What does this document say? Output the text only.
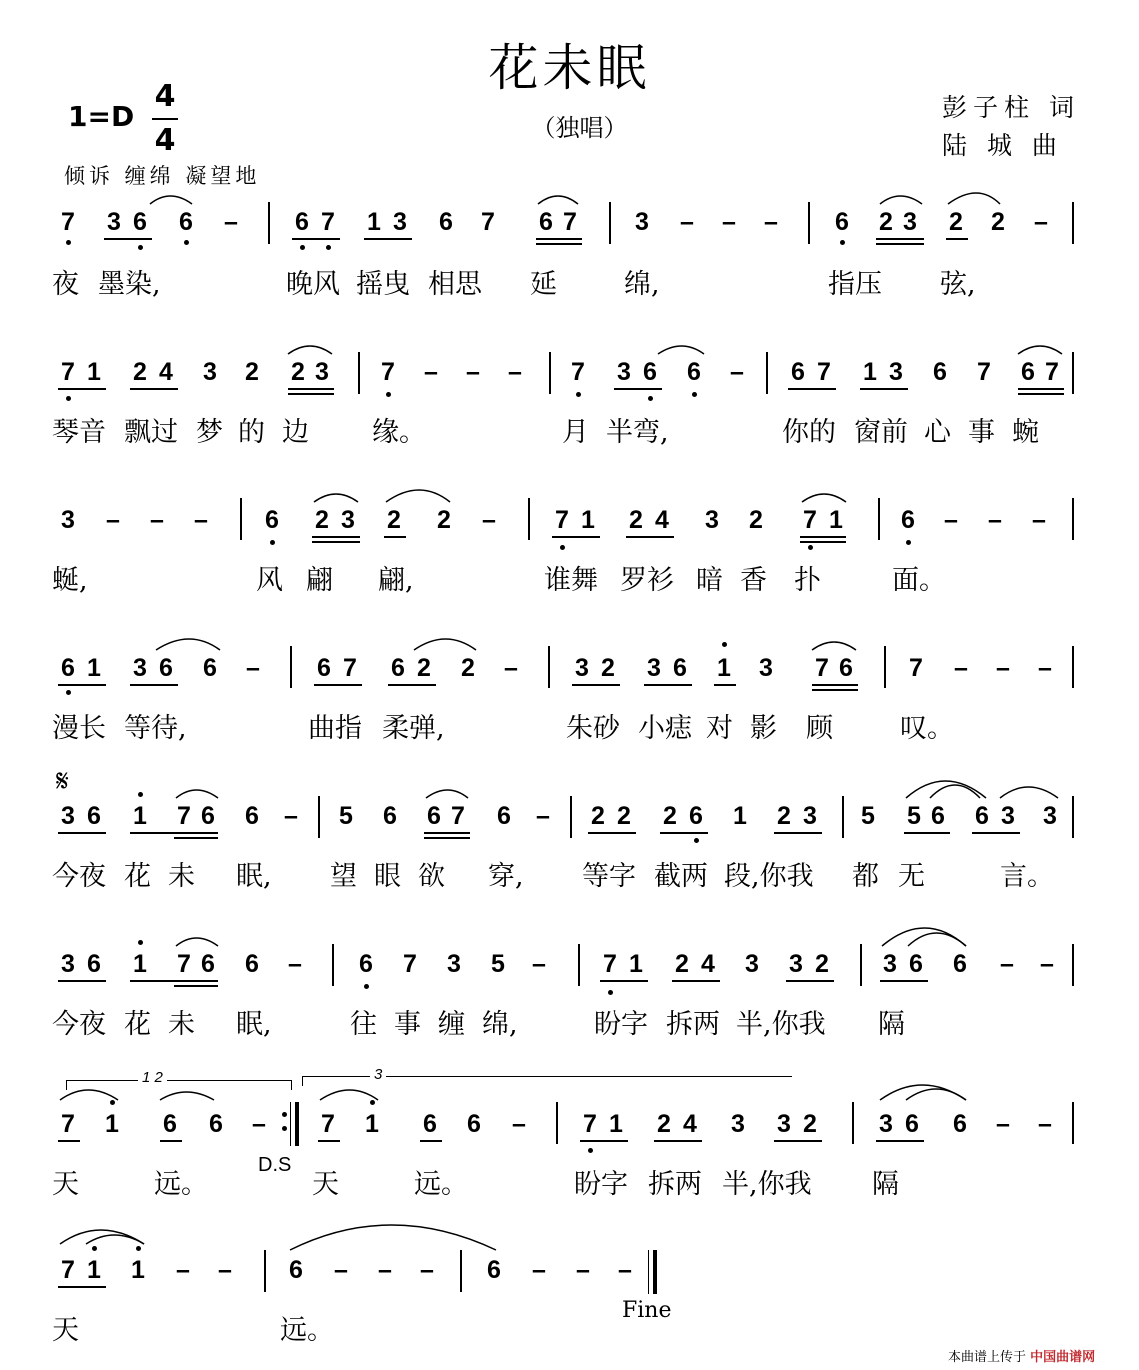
花未眠
（独唱）
彭子柱 词
陆 城 曲
1=D
4
4
倾诉 缠绵 凝望地
7 3 6 6 – 6 7 1 3 6 7 6 7 3 – – – 6 2 3 2 2 –
夜 墨染,	晚风 摇曳 相思 延 绵,	指压 弦,
7 1 2 4 3 2 2 3 7 – – – 7 3 6 6 – 6 7 1 3 6 7 6 7
琴音 飘过 梦 的 边 缘。	月 半弯,	你的 窗前 心 事 蜿
3 – – – 6 2 3 2 2 – 7 1 2 4 3 2 7 1 6 – – –
蜒,	风 翩 翩,	谁舞 罗衫 暗 香 扑	面。
6 1 3 6 6 – 6 7 6 2 2 – 3 2 3 6 1 3 7 6 7 – – –
漫长 等待,	曲指 柔弹,	朱砂 小痣 对 影 顾 叹。
𝄋
3 6 1 7 6 6 – 5 6 6 7 6 – 2 2 2 6 1 2 3 5 5 6 6 3 3
今夜 花 未 眠, 望 眼 欲 穿, 等字 截两 段,你我 都 无	言。
3 6 1 7 6 6 – 6 7 3 5 – 7 1 2 4 3 3 2 3 6 6 – –
今夜 花 未 眠,	往 事 缠 绵,	盼字 拆两 半,你我 隔
1 2	3
7 1 6 6 – 7 1 6 6 – 7 1 2 4 3 3 2 3 6 6 – –
D.S
天	远。	天	远。	盼字 拆两 半,你我 隔
7 1 1 – – 6 – – – 6 – – –
Fine
天	远。
本曲谱上传于 中国曲谱网
